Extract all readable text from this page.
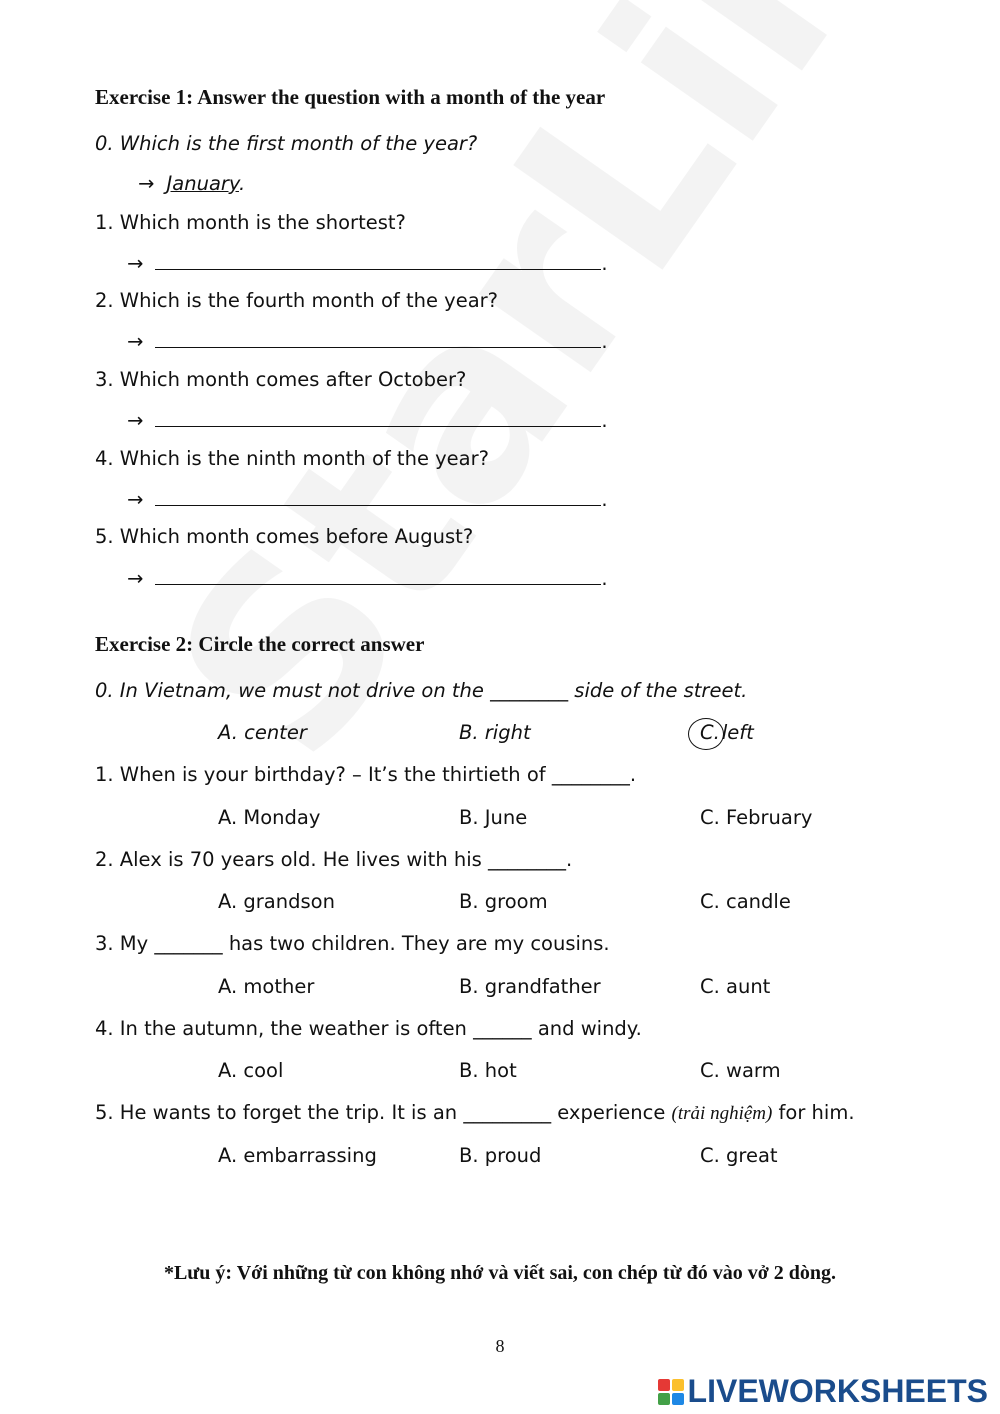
Exercise 1: Answer the question with a month of the year
0. Which is the first month of the year?
→ January.
1. Which month is the shortest?
→	.
2. Which is the fourth month of the year?
→	.
3. Which month comes after October?
→	.
4. Which is the ninth month of the year?
→	.
5. Which month comes before August?
→	.
Exercise 2: Circle the correct answer
0. In Vietnam, we must not drive on the ________ side of the street.
A. center	B. right	C. left
1. When is your birthday? – It’s the thirtieth of ________.
A. Monday	B. June	C. February
2. Alex is 70 years old. He lives with his ________.
A. grandson	B. groom	C. candle
3. My _______ has two children. They are my cousins.
A. mother	B. grandfather	C. aunt
4. In the autumn, the weather is often ______ and windy.
A. cool	B. hot	C. warm
5. He wants to forget the trip. It is an _________ experience (trải nghiệm) for him.
A. embarrassing	B. proud	C. great
*Lưu ý: Với những từ con không nhớ và viết sai, con chép từ đó vào vở 2 dòng.
8
LIVEWORKSHEETS
